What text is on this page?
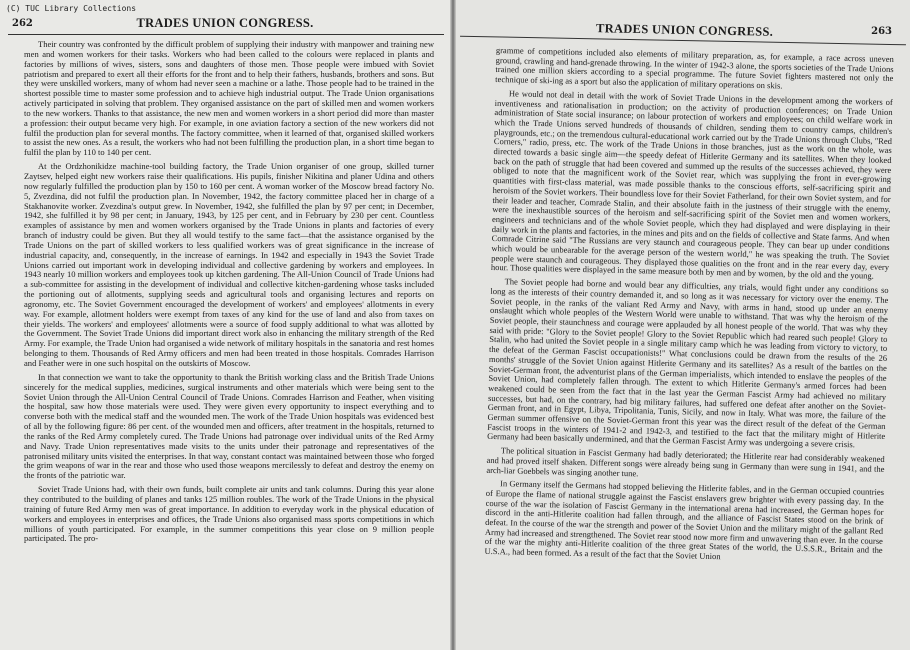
(C) TUC Library Collections
262	TRADES UNION CONGRESS.

Their country was confronted by the difficult problem of supplying their industry with manpower and training new men and women workers for their tasks. Workers who had been called to the colours were replaced in plants and factories by millions of wives, sisters, sons and daughters of those men. Those people were imbued with Soviet patriotism and prepared to exert all their efforts for the front and to help their fathers, husbands, brothers and sons. But they were unskilled workers, many of whom had never seen a machine or a lathe. Those people had to be trained in the shortest possible time to master some profession and to achieve high industrial output. The Trade Union organisations actively participated in solving that problem. They organised assistance on the part of skilled men and women workers to the new workers. Thanks to that assistance, the new men and women workers in a short period did more than master a profession: their output became very high. For example, in one aviation factory a section of the new workers did not fulfil the production plan for several months. The factory committee, when it learned of that, organised skilled workers to assist the new ones. As a result, the workers who had not been fulfilling the production plan, in a short time began to fulfil the plan by 110 to 140 per cent.

At the Ordzhonikidze machine-tool building factory, the Trade Union organiser of one group, skilled turner Zaytsev, helped eight new workers raise their qualifications. His pupils, finisher Nikitina and planer Udina and others now regularly fulfilled the production plan by 150 to 160 per cent. A woman worker of the Moscow bread factory No. 5, Zvezdina, did not fulfil the production plan. In November, 1942, the factory committee placed her in charge of a Stakhanovite worker. Zvezdina's output grew. In November, 1942, she fulfilled the plan by 97 per cent; in December, 1942, she fulfilled it by 98 per cent; in January, 1943, by 125 per cent, and in February by 230 per cent. Countless examples of assistance by men and women workers organised by the Trade Unions in plants and factories of every branch of industry could be given. But they all would testify to the same fact—that the assistance organised by the Trade Unions on the part of skilled workers to less qualified workers was of great significance in the increase of industrial capacity, and, consequently, in the increase of earnings. In 1942 and especially in 1943 the Soviet Trade Unions carried out important work in developing individual and collective gardening by workers and employees. In 1943 nearly 10 million workers and employees took up kitchen gardening. The All-Union Council of Trade Unions had a sub-committee for assisting in the development of individual and collective kitchen-gardening whose tasks included the portioning out of allotments, supplying seeds and agricultural tools and organising lectures and reports on agronomy, etc. The Soviet Government encouraged the development of workers' and employees' allotments in every way. For example, allotment holders were exempt from taxes of any kind for the use of land and also from taxes on their yields. The workers' and employees' allotments were a source of food supply additional to what was allotted by the Government. The Soviet Trade Unions did important direct work also in enhancing the military strength of the Red Army. For example, the Trade Union had organised a wide network of military hospitals in the sanatoria and rest homes belonging to them. Thousands of Red Army officers and men had been treated in those hospitals. Comrades Harrison and Feather were in one such hospital on the outskirts of Moscow.

In that connection we want to take the opportunity to thank the British working class and the British Trade Unions sincerely for the medical supplies, medicines, surgical instruments and other materials which were being sent to the Soviet Union through the All-Union Central Council of Trade Unions. Comrades Harrison and Feather, when visiting the hospital, saw how those materials were used. They were given every opportunity to inspect everything and to converse both with the medical staff and the wounded men. The work of the Trade Union hospitals was evidenced best of all by the following figure: 86 per cent. of the wounded men and officers, after treatment in the hospitals, returned to the ranks of the Red Army completely cured. The Trade Unions had patronage over individual units of the Red Army and Navy. Trade Union representatives made visits to the units under their patronage and representatives of the patronised military units visited the enterprises. In that way, constant contact was maintained between those who forged the grim weapons of war in the rear and those who used those weapons mercilessly to defeat and destroy the enemy on the fronts of the patriotic war.

Soviet Trade Unions had, with their own funds, built complete air units and tank columns. During this year alone they contributed to the building of planes and tanks 125 million roubles. The work of the Trade Unions in the physical training of future Red Army men was of great importance. In addition to everyday work in the physical education of workers and employees in enterprises and offices, the Trade Unions also organised mass sports competitions in which millions of youth participated. For example, in the summer competitions this year close on 9 million people participated. The pro-

TRADES UNION CONGRESS.	263

gramme of competitions included also elements of military preparation, as, for example, a race across uneven ground, crawling and hand-grenade throwing. In the winter of 1942-3 alone, the sports societies of the Trade Unions trained one million skiers according to a special programme. The future Soviet fighters mastered not only the technique of ski-ing as a sport but also the application of military operations on skis.

He would not deal in detail with the work of Soviet Trade Unions in the development among the workers of inventiveness and rationalisation in production; on the activity of production conferences; on Trade Union administration of State social insurance; on labour protection of workers and employees; on child welfare work in which the Trade Unions served hundreds of thousands of children, sending them to country camps, children's playgrounds, etc.; on the tremendous cultural-educational work carried out by the Trade Unions through Clubs, "Red Corners," radio, press, etc. The work of the Trade Unions in those branches, just as the work on the whole, was directed towards a basic single aim—the speedy defeat of Hitlerite Germany and its satellites. When they looked back on the path of struggle that had been covered and summed up the results of the successes achieved, they were obliged to note that the magnificent work of the Soviet rear, which was supplying the front in ever-growing quantities with first-class material, was made possible thanks to the conscious efforts, self-sacrificing spirit and heroism of the Soviet workers. Their boundless love for their Soviet Fatherland, for their own Soviet system, and for their leader and teacher, Comrade Stalin, and their absolute faith in the justness of their struggle with the enemy, were the inexhaustible sources of the heroism and self-sacrificing spirit of the Soviet men and women workers, engineers and technicians and of the whole Soviet people, which they had displayed and were displaying in their daily work in the plants and factories, in the mines and pits and on the fields of collective and State farms. And when Comrade Citrine said "The Russians are very staunch and courageous people. They can bear up under conditions which would be unbearable for the average person of the western world," he was speaking the truth. The Soviet people were staunch and courageous. They displayed those qualities on the front and in the rear every day, every hour. Those qualities were displayed in the same measure both by men and by women, by the old and the young.

The Soviet people had borne and would bear any difficulties, any trials, would fight under any conditions so long as the interests of their country demanded it, and so long as it was necessary for victory over the enemy. The Soviet people, in the ranks of the valiant Red Army and Navy, with arms in hand, stood up under an enemy onslaught which whole peoples of the Western World were unable to withstand. That was why the heroism of the Soviet people, their staunchness and courage were applauded by all honest people of the world. That was why they said with pride: "Glory to the Soviet people! Glory to the Soviet Republic which had reared such people! Glory to Stalin, who had united the Soviet people in a single military camp which he was leading from victory to victory, to the defeat of the German Fascist occupationists!" What conclusions could be drawn from the results of the 26 months' struggle of the Soviet Union against Hitlerite Germany and its satellites? As a result of the battles on the Soviet-German front, the adventurist plans of the German imperialists, which intended to enslave the peoples of the Soviet Union, had completely fallen through. The extent to which Hitlerite Germany's armed forces had been weakened could be seen from the fact that in the last year the German Fascist Army had achieved no military successes, but had, on the contrary, had big military failures, had suffered one defeat after another on the Soviet-German front, and in Egypt, Libya, Tripolitania, Tunis, Sicily, and now in Italy. What was more, the failure of the German summer offensive on the Soviet-German front this year was the direct result of the defeat of the German Fascist troops in the winters of 1941-2 and 1942-3, and testified to the fact that the military might of Hitlerite Germany had been basically undermined, and that the German Fascist Army was undergoing a severe crisis.

The political situation in Fascist Germany had badly deteriorated; the Hitlerite rear had considerably weakened and had proved itself shaken. Different songs were already being sung in Germany than were sung in 1941, and the arch-liar Goebbels was singing another tune.

In Germany itself the Germans had stopped believing the Hitlerite fables, and in the German occupied countries of Europe the flame of national struggle against the Fascist enslavers grew brighter with every passing day. In the course of the war the isolation of Fascist Germany in the international arena had increased, the German hopes for discord in the anti-Hitlerite coalition had fallen through, and the alliance of Fascist States stood on the brink of defeat. In the course of the war the strength and power of the Soviet Union and the military might of the gallant Red Army had increased and strengthened. The Soviet rear stood now more firm and unwavering than ever. In the course of the war the mighty anti-Hitlerite coalition of the three great States of the world, the U.S.S.R., Britain and the U.S.A., had been formed. As a result of the fact that the Soviet Union
